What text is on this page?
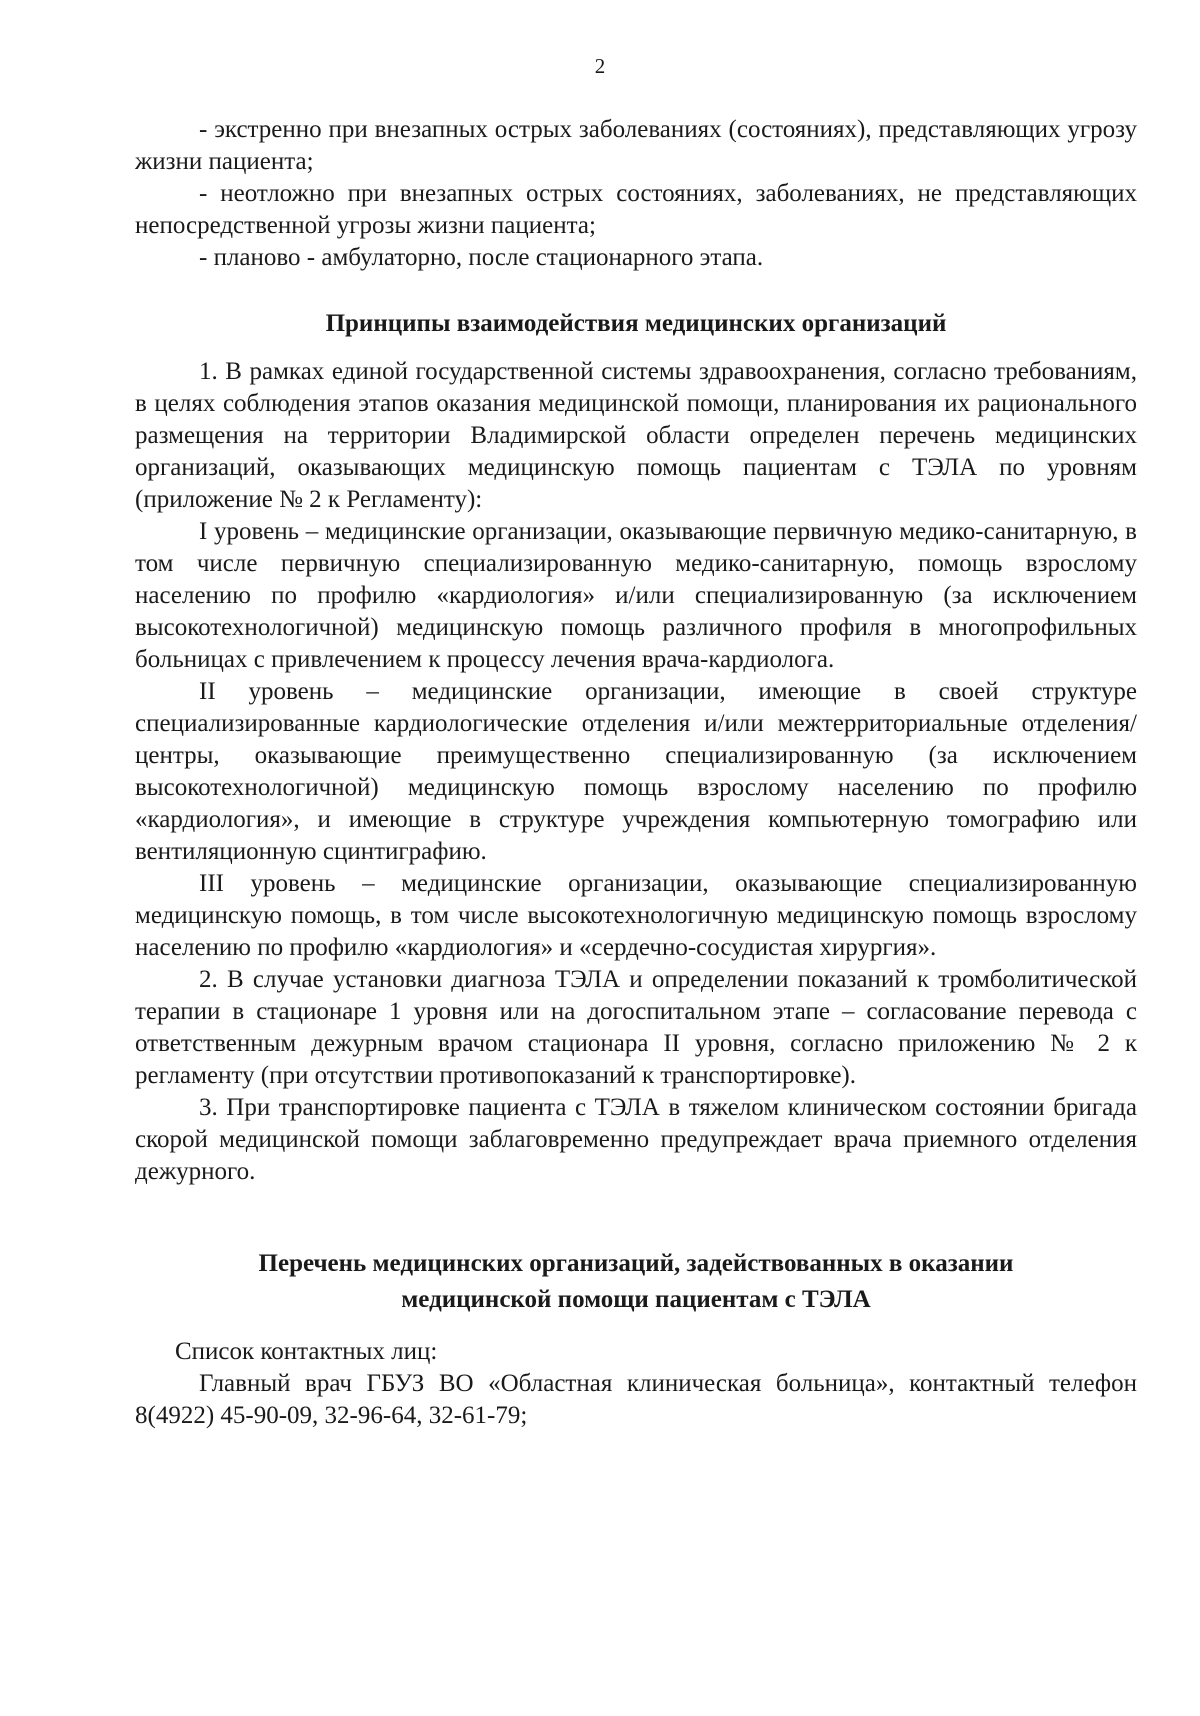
2

- экстренно при внезапных острых заболеваниях (состояниях), представляющих угрозу жизни пациента;

- неотложно при внезапных острых состояниях, заболеваниях, не представляющих непосредственной угрозы жизни пациента;

- планово - амбулаторно, после стационарного этапа.

Принципы взаимодействия медицинских организаций

1. В рамках единой государственной системы здравоохранения, согласно требованиям, в целях соблюдения этапов оказания медицинской помощи, планирования их рационального размещения на территории Владимирской области определен перечень медицинских организаций, оказывающих медицинскую помощь пациентам с ТЭЛА по уровням (приложение № 2 к Регламенту):

I уровень – медицинские организации, оказывающие первичную медико-санитарную, в том числе первичную специализированную медико-санитарную, помощь взрослому населению по профилю «кардиология» и/или специализированную (за исключением высокотехнологичной) медицинскую помощь различного профиля в многопрофильных больницах с привлечением к процессу лечения врача-кардиолога.

II уровень – медицинские организации, имеющие в своей структуре специализированные кардиологические отделения и/или межтерриториальные отделения/центры, оказывающие преимущественно специализированную (за исключением высокотехнологичной) медицинскую помощь взрослому населению по профилю «кардиология», и имеющие в структуре учреждения компьютерную томографию или вентиляционную сцинтиграфию.

III уровень – медицинские организации, оказывающие специализированную медицинскую помощь, в том числе высокотехнологичную медицинскую помощь взрослому населению по профилю «кардиология» и «сердечно-сосудистая хирургия».

2. В случае установки диагноза ТЭЛА и определении показаний к тромболитической терапии в стационаре 1 уровня или на догоспитальном этапе – согласование перевода с ответственным дежурным врачом стационара II уровня, согласно приложению № 2 к регламенту (при отсутствии противопоказаний к транспортировке).

3. При транспортировке пациента с ТЭЛА в тяжелом клиническом состоянии бригада скорой медицинской помощи заблаговременно предупреждает врача приемного отделения дежурного.

Перечень медицинских организаций, задействованных в оказании
медицинской помощи пациентам с ТЭЛА

Список контактных лиц:

Главный врач ГБУЗ ВО «Областная клиническая больница», контактный телефон 8(4922) 45-90-09, 32-96-64, 32-61-79;
